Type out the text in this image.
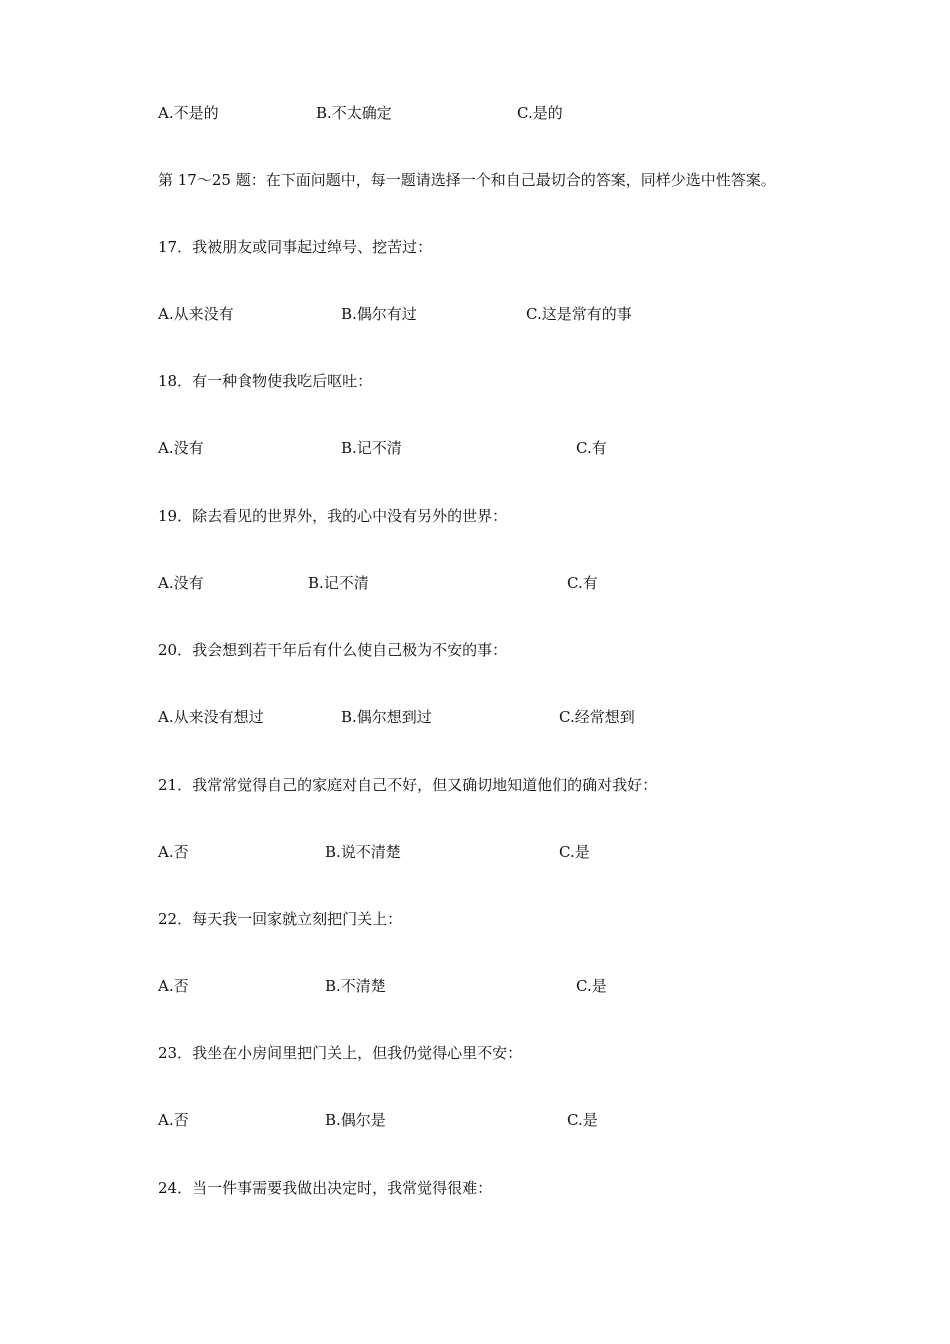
A.不是的	B.不太确定	C.是的
第 17～25 题：在下面问题中，每一题请选择一个和自己最切合的答案，同样少选中性答案。
17．我被朋友或同事起过绰号、挖苦过：
A.从来没有	B.偶尔有过	C.这是常有的事
18．有一种食物使我吃后呕吐：
A.没有	B.记不清	C.有
19．除去看见的世界外，我的心中没有另外的世界：
A.没有	B.记不清	C.有
20．我会想到若干年后有什么使自己极为不安的事：
A.从来没有想过	B.偶尔想到过	C.经常想到
21．我常常觉得自己的家庭对自己不好，但又确切地知道他们的确对我好：
A.否	B.说不清楚	C.是
22．每天我一回家就立刻把门关上：
A.否	B.不清楚	C.是
23．我坐在小房间里把门关上，但我仍觉得心里不安：
A.否	B.偶尔是	C.是
24．当一件事需要我做出决定时，我常觉得很难：
